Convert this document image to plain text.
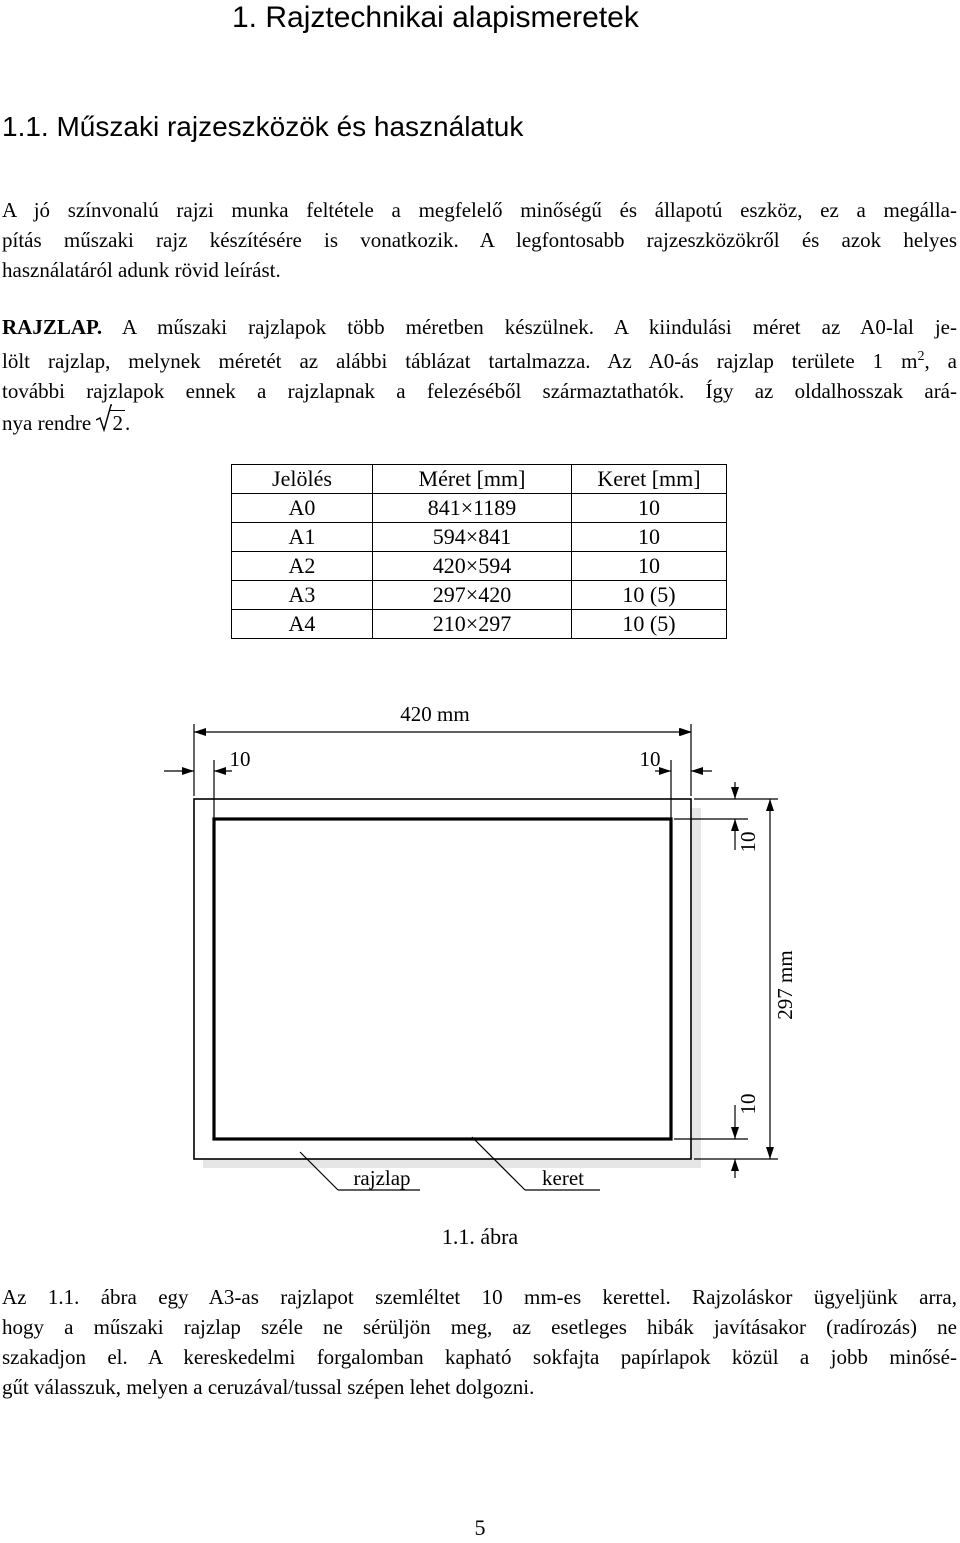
1. Rajztechnikai alapismeretek
1.1. Műszaki rajzeszközök és használatuk
A jó színvonalú rajzi munka feltétele a megfelelő minőségű és állapotú eszköz, ez a megálla-
pítás műszaki rajz készítésére is vonatkozik. A legfontosabb rajzeszközökről és azok helyes
használatáról adunk rövid leírást.
RAJZLAP. A műszaki rajzlapok több méretben készülnek. A kiindulási méret az A0-lal je-
lölt rajzlap, melynek méretét az alábbi táblázat tartalmazza. Az A0-ás rajzlap területe 1 $m^2$, a
további rajzlapok ennek a rajzlapnak a felezéséből származtathatók. Így az oldalhosszak ará-
nya rendre
2.
Jelölés	Méret [mm]	Keret [mm]
A0	841×1189	10
A1	594×841	10
A2	420×594	10
A3	297×420	10 (5)
A4	210×297	10 (5)
420 mm
10	10
297 mm
10
10
rajzlap	keret
1.1. ábra
Az 1.1. ábra egy A3-as rajzlapot szemléltet 10 mm-es kerettel. Rajzoláskor ügyeljünk arra,
hogy a műszaki rajzlap széle ne sérüljön meg, az esetleges hibák javításakor (radírozás) ne
szakadjon el. A kereskedelmi forgalomban kapható sokfajta papírlapok közül a jobb minősé-
gűt válasszuk, melyen a ceruzával/tussal szépen lehet dolgozni.
5
